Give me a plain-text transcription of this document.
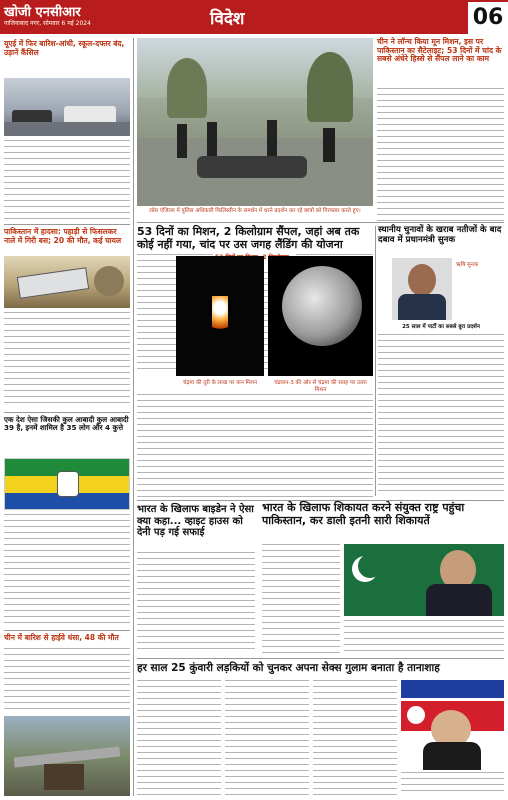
खोजी एनसीआर
गाजियाबाद नगर, सोमवार 6 मई 2024	विदेश	06
यूएई में फिर बारिश-आंधी, स्कूल-दफ्तर बंद, उड़ानें कैंसिल
पाकिस्तान में हादसा: पहाड़ी से फिसलकर नाले में गिरी बस; 20 की मौत, कई घायल
एक देश ऐसा जिसकी कुल आबादी कुल आबादी 39 है, इनमें शामिल है 35 लोग और 4 कुत्ते
चीन में बारिश से हाईवे धंसा, 48 की मौत
लॉस एंजिल्स में पुलिस अधिकारी फिलिस्तीन के समर्थन में धरने प्रदर्शन कर रहे छात्रों को गिरफ्तार करते हुए।
चीन ने लॉन्च किया मून मिशन, इस पर पाकिस्तान का सैटेलाइट; 53 दिनों में चांद के सबसे अंधेरे हिस्से से सैंपल लाने का काम
53 दिनों का मिशन, 2 किलोग्राम सैंपल, जहां अब तक कोई नहीं गया, चांद पर उस जगह लैंडिंग की योजना
2
चंद्रमा की दूरी के लाख पर यान मिशन	चंद्रयान-3 की ओर से चंद्रमा की सतह पर उतरा मिशन
स्थानीय चुनावों के खराब नतीजों के बाद दबाव में प्रधानमंत्री सुनक
ऋषि सुनक
25 साल में पार्टी का सबसे बुरा प्रदर्शन
भारत के खिलाफ बाइडेन ने ऐसा क्या कहा... व्हाइट हाउस को देनी पड़ गई सफाई
भारत के खिलाफ शिकायत करने संयुक्त राष्ट्र पहुंचा पाकिस्तान, कर डाली इतनी सारी शिकायतें
हर साल 25 कुंवारी लड़कियों को चुनकर अपना सेक्स गुलाम बनाता है तानाशाह
